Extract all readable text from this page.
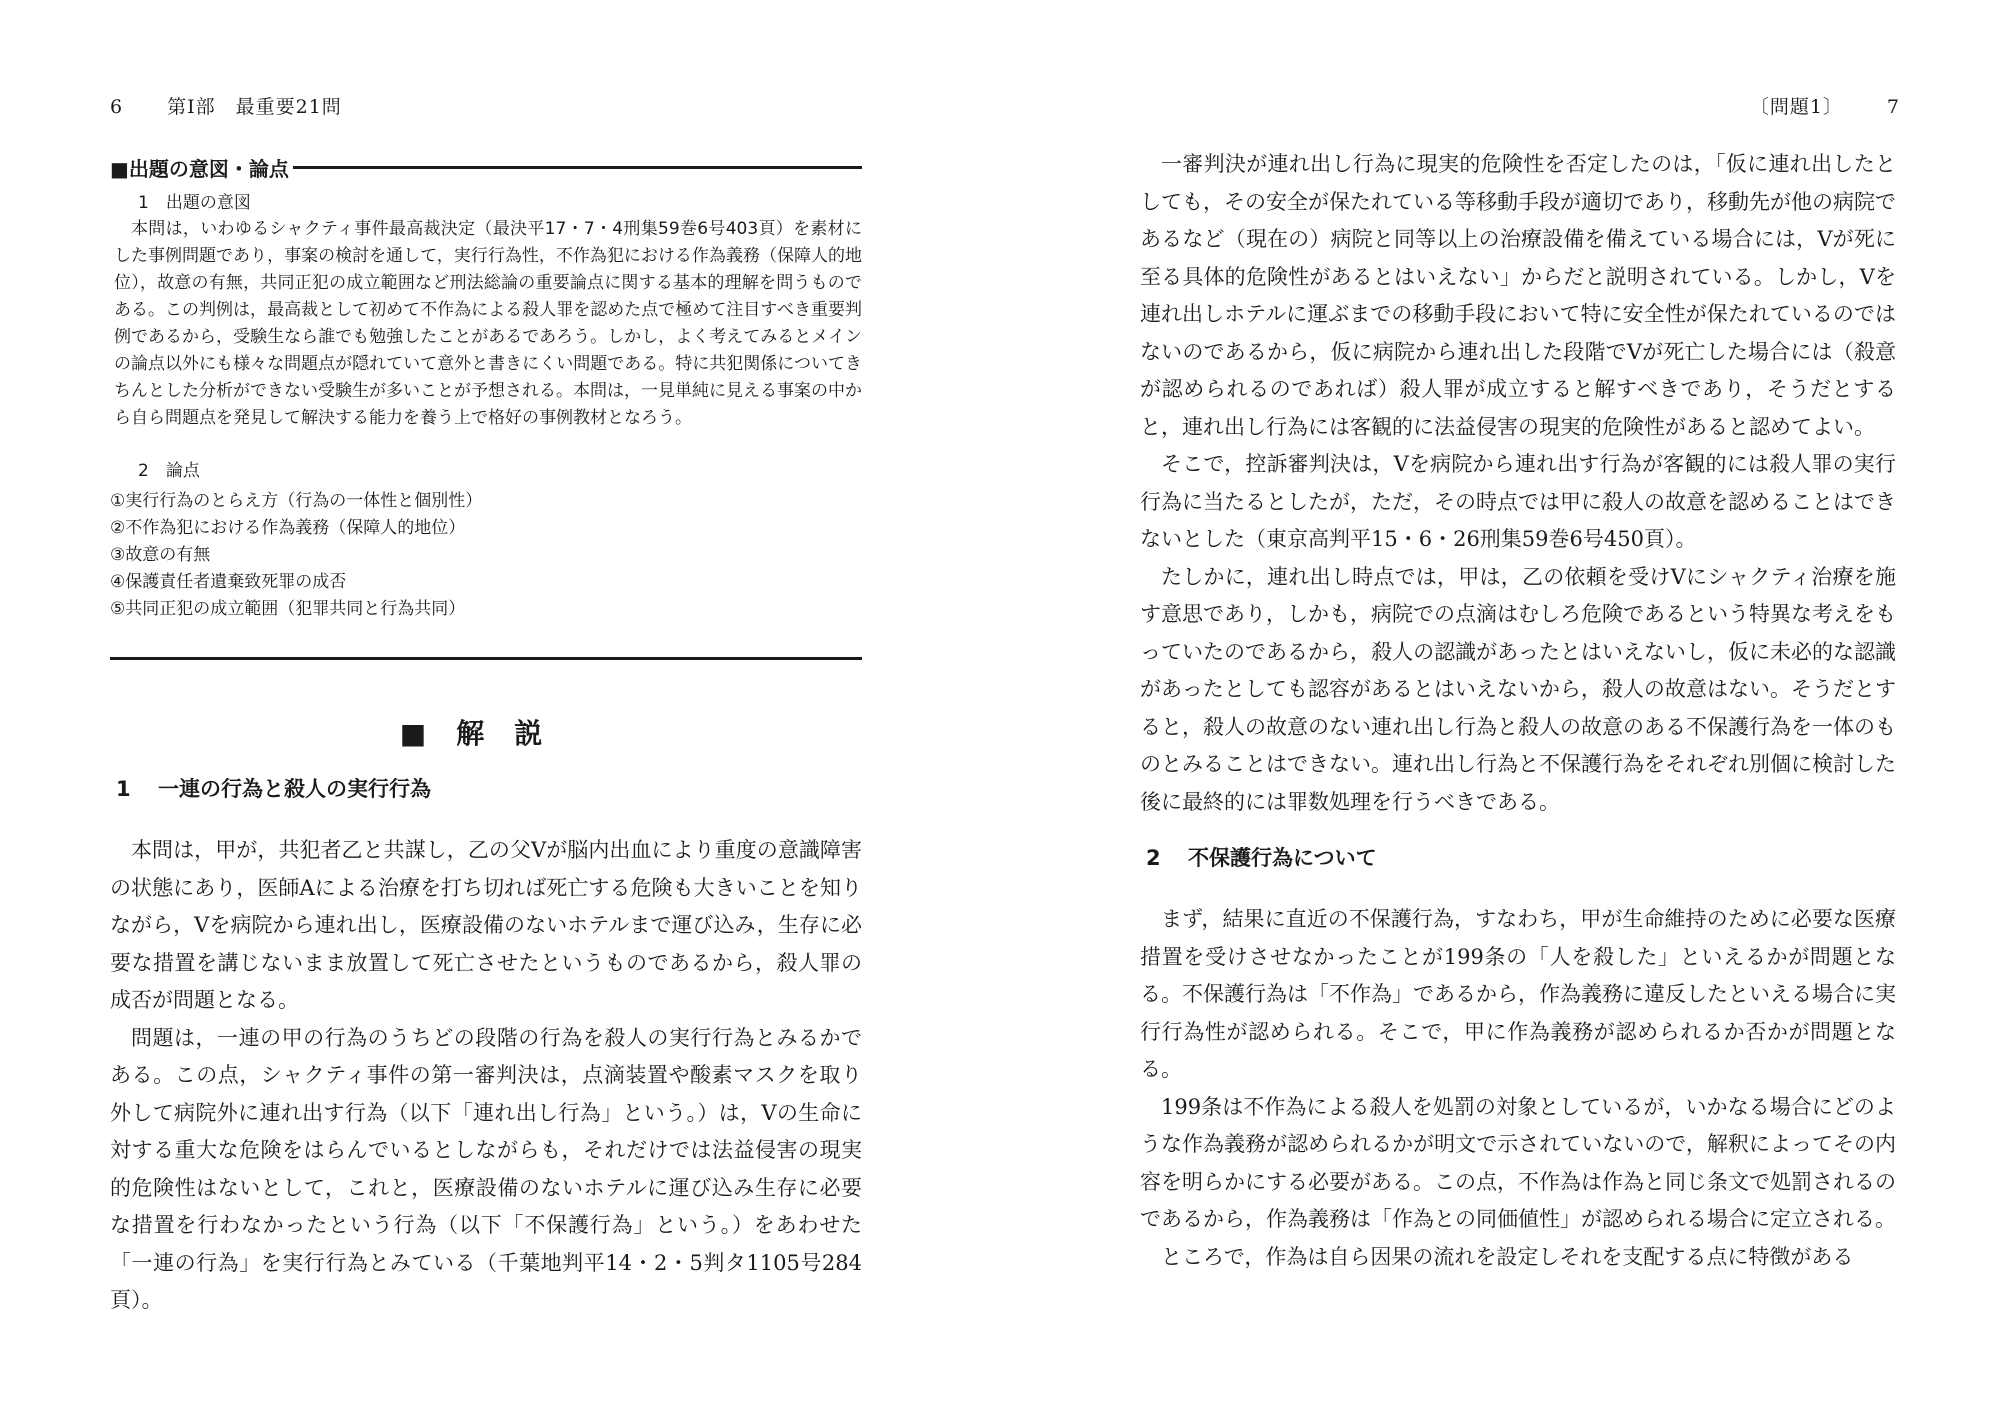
6 第Ⅰ部　最重要21問
■出題の意図・論点
1　出題の意図

本問は，いわゆるシャクティ事件最高裁決定（最決平17・7・4刑集59巻6号403頁）を素材にした事例問題であり，事案の検討を通して，実行行為性，不作為犯における作為義務（保障人的地位），故意の有無，共同正犯の成立範囲など刑法総論の重要論点に関する基本的理解を問うものである。この判例は，最高裁として初めて不作為による殺人罪を認めた点で極めて注目すべき重要判例であるから，受験生なら誰でも勉強したことがあるであろう。しかし，よく考えてみるとメインの論点以外にも様々な問題点が隠れていて意外と書きにくい問題である。特に共犯関係についてきちんとした分析ができない受験生が多いことが予想される。本問は，一見単純に見える事案の中から自ら問題点を発見して解決する能力を養う上で格好の事例教材となろう。

2　論点
①実行行為のとらえ方（行為の一体性と個別性）
②不作為犯における作為義務（保障人的地位）
③故意の有無
④保護責任者遺棄致死罪の成否
⑤共同正犯の成立範囲（犯罪共同と行為共同）
■解説
1 一連の行為と殺人の実行行為

本問は，甲が，共犯者乙と共謀し，乙の父Vが脳内出血により重度の意識障害の状態にあり，医師Aによる治療を打ち切れば死亡する危険も大きいことを知りながら，Vを病院から連れ出し，医療設備のないホテルまで運び込み，生存に必要な措置を講じないまま放置して死亡させたというものであるから，殺人罪の成否が問題となる。

問題は，一連の甲の行為のうちどの段階の行為を殺人の実行行為とみるかである。この点，シャクティ事件の第一審判決は，点滴装置や酸素マスクを取り外して病院外に連れ出す行為（以下「連れ出し行為」という。）は，Vの生命に対する重大な危険をはらんでいるとしながらも，それだけでは法益侵害の現実的危険性はないとして，これと，医療設備のないホテルに運び込み生存に必要な措置を行わなかったという行為（以下「不保護行為」という。）をあわせた「一連の行為」を実行行為とみている（千葉地判平14・2・5判タ1105号284頁）。

〔問題1〕 7

一審判決が連れ出し行為に現実的危険性を否定したのは，「仮に連れ出したとしても，その安全が保たれている等移動手段が適切であり，移動先が他の病院であるなど（現在の）病院と同等以上の治療設備を備えている場合には，Vが死に至る具体的危険性があるとはいえない」からだと説明されている。しかし，Vを連れ出しホテルに運ぶまでの移動手段において特に安全性が保たれているのではないのであるから，仮に病院から連れ出した段階でVが死亡した場合には（殺意が認められるのであれば）殺人罪が成立すると解すべきであり，そうだとすると，連れ出し行為には客観的に法益侵害の現実的危険性があると認めてよい。

そこで，控訴審判決は，Vを病院から連れ出す行為が客観的には殺人罪の実行行為に当たるとしたが，ただ，その時点では甲に殺人の故意を認めることはできないとした（東京高判平15・6・26刑集59巻6号450頁）。

たしかに，連れ出し時点では，甲は，乙の依頼を受けVにシャクティ治療を施す意思であり，しかも，病院での点滴はむしろ危険であるという特異な考えをもっていたのであるから，殺人の認識があったとはいえないし，仮に未必的な認識があったとしても認容があるとはいえないから，殺人の故意はない。そうだとすると，殺人の故意のない連れ出し行為と殺人の故意のある不保護行為を一体のものとみることはできない。連れ出し行為と不保護行為をそれぞれ別個に検討した後に最終的には罪数処理を行うべきである。

2 不保護行為について

まず，結果に直近の不保護行為，すなわち，甲が生命維持のために必要な医療措置を受けさせなかったことが199条の「人を殺した」といえるかが問題となる。不保護行為は「不作為」であるから，作為義務に違反したといえる場合に実行行為性が認められる。そこで，甲に作為義務が認められるか否かが問題となる。

199条は不作為による殺人を処罰の対象としているが，いかなる場合にどのような作為義務が認められるかが明文で示されていないので，解釈によってその内容を明らかにする必要がある。この点，不作為は作為と同じ条文で処罰されるのであるから，作為義務は「作為との同価値性」が認められる場合に定立される。

ところで，作為は自ら因果の流れを設定しそれを支配する点に特徴がある
